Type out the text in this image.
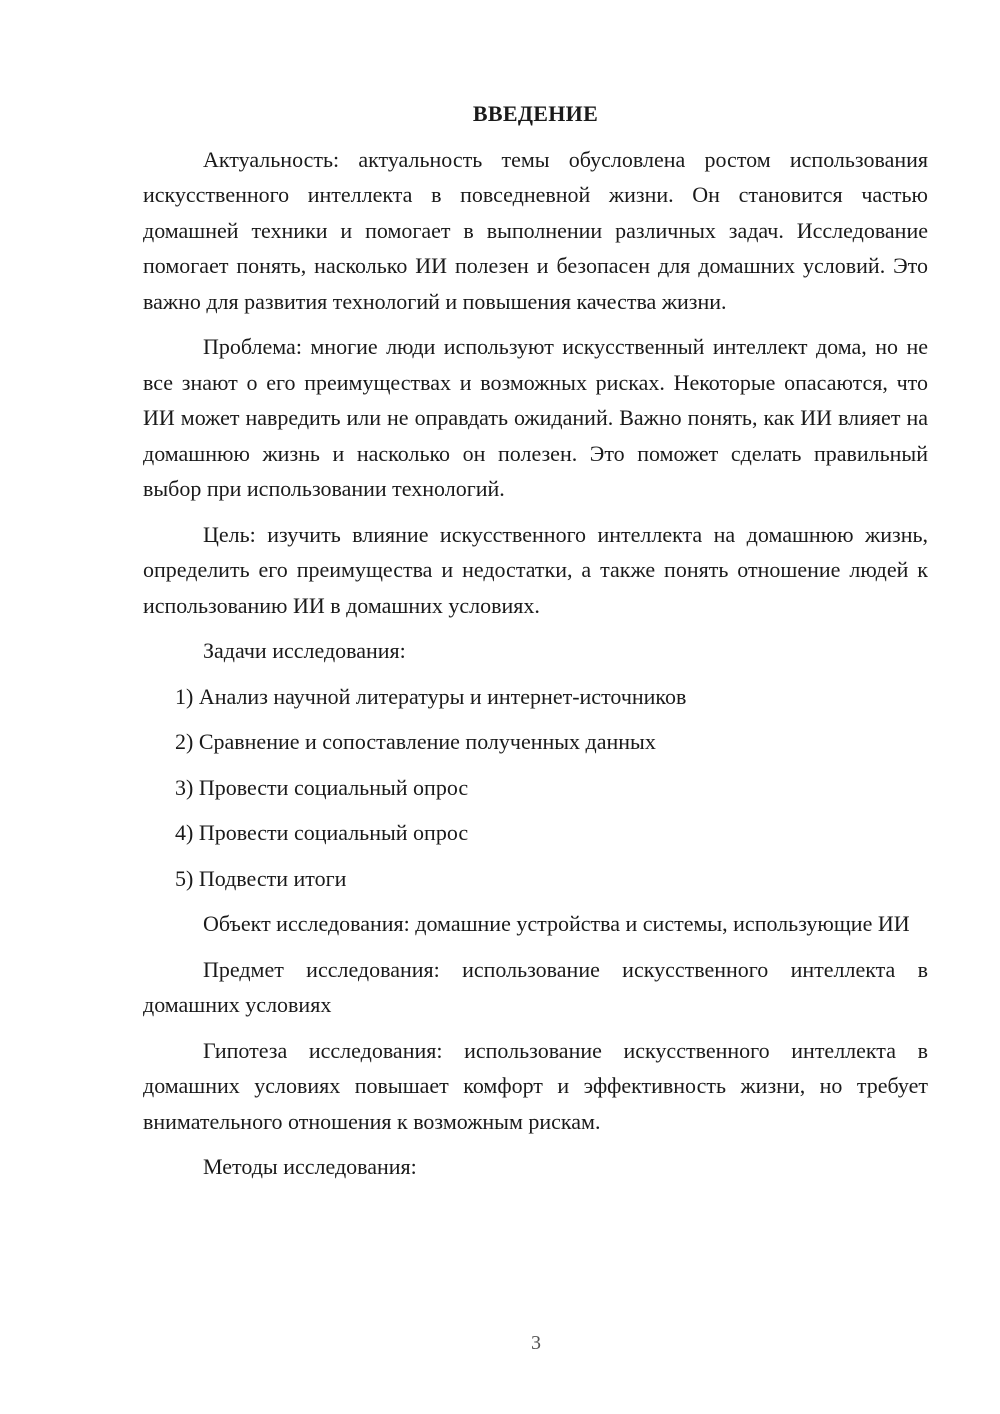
ВВЕДЕНИЕ
Актуальность: актуальность темы обусловлена ростом использования искусственного интеллекта в повседневной жизни. Он становится частью домашней техники и помогает в выполнении различных задач. Исследование помогает понять, насколько ИИ полезен и безопасен для домашних условий. Это важно для развития технологий и повышения качества жизни.
Проблема: многие люди используют искусственный интеллект дома, но не все знают о его преимуществах и возможных рисках. Некоторые опасаются, что ИИ может навредить или не оправдать ожиданий. Важно понять, как ИИ влияет на домашнюю жизнь и насколько он полезен. Это поможет сделать правильный выбор при использовании технологий.
Цель: изучить влияние искусственного интеллекта на домашнюю жизнь, определить его преимущества и недостатки, а также понять отношение людей к использованию ИИ в домашних условиях.
Задачи исследования:
1) Анализ научной литературы и интернет-источников
2) Сравнение и сопоставление полученных данных
3) Провести социальный опрос
4) Провести социальный опрос
5) Подвести итоги
Объект исследования: домашние устройства и системы, использующие ИИ
Предмет исследования: использование искусственного интеллекта в домашних условиях
Гипотеза исследования: использование искусственного интеллекта в домашних условиях повышает комфорт и эффективность жизни, но требует внимательного отношения к возможным рискам.
Методы исследования:
3
